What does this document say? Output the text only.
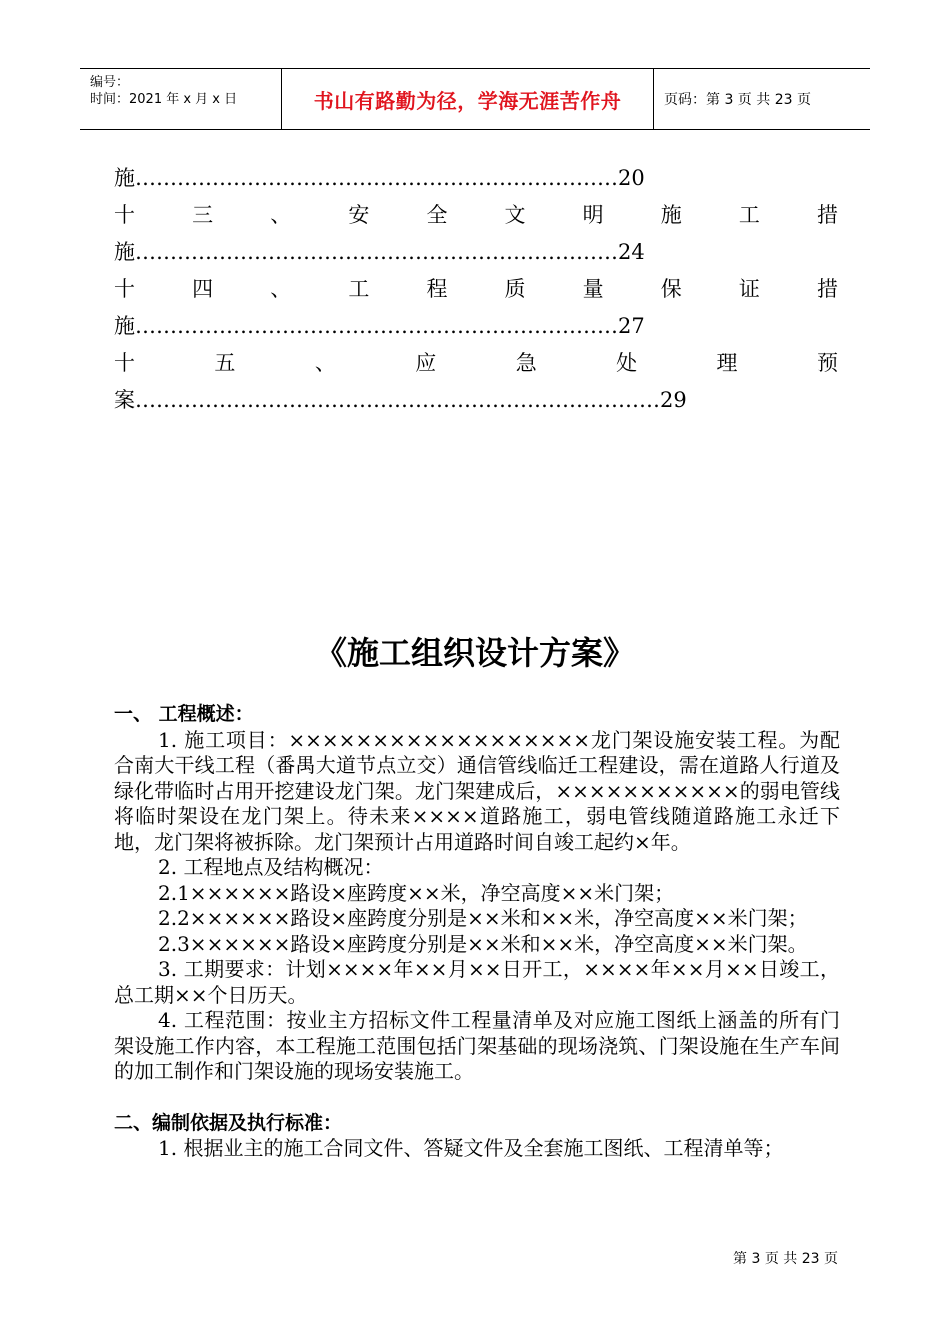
编号：
时间：2021 年 x 月 x 日	书山有路勤为径，学海无涯苦作舟	页码：第 3 页 共 23 页
施 …………………………………………………………… 20
十	三	、	安	全	文	明	施	工	措
施 …………………………………………………………… 24
十	四	、	工	程	质	量	保	证	措
施 …………………………………………………………… 27
十	五	、	应	急	处	理	预
案 ………………………………………………………………… 29
《施工组织设计方案》
一、 工程概述：

1. 施工项目：××××××××××××××××××龙门架设施安装工程。为配合南大干线工程（番禺大道节点立交）通信管线临迁工程建设，需在道路人行道及绿化带临时占用开挖建设龙门架。龙门架建成后，×××××××××××的弱电管线将临时架设在龙门架上。待未来××××道路施工，弱电管线随道路施工永迁下地，龙门架将被拆除。龙门架预计占用道路时间自竣工起约×年。

2. 工程地点及结构概况：

2.1××××××路设×座跨度××米，净空高度××米门架；

2.2××××××路设×座跨度分别是××米和××米，净空高度××米门架；

2.3××××××路设×座跨度分别是××米和××米，净空高度××米门架。

3. 工期要求：计划××××年××月××日开工，××××年××月××日竣工，总工期××个日历天。

4. 工程范围：按业主方招标文件工程量清单及对应施工图纸上涵盖的所有门架设施工作内容，本工程施工范围包括门架基础的现场浇筑、门架设施在生产车间的加工制作和门架设施的现场安装施工。

二、编制依据及执行标准：

1. 根据业主的施工合同文件、答疑文件及全套施工图纸、工程清单等；

第 3 页 共 23 页
